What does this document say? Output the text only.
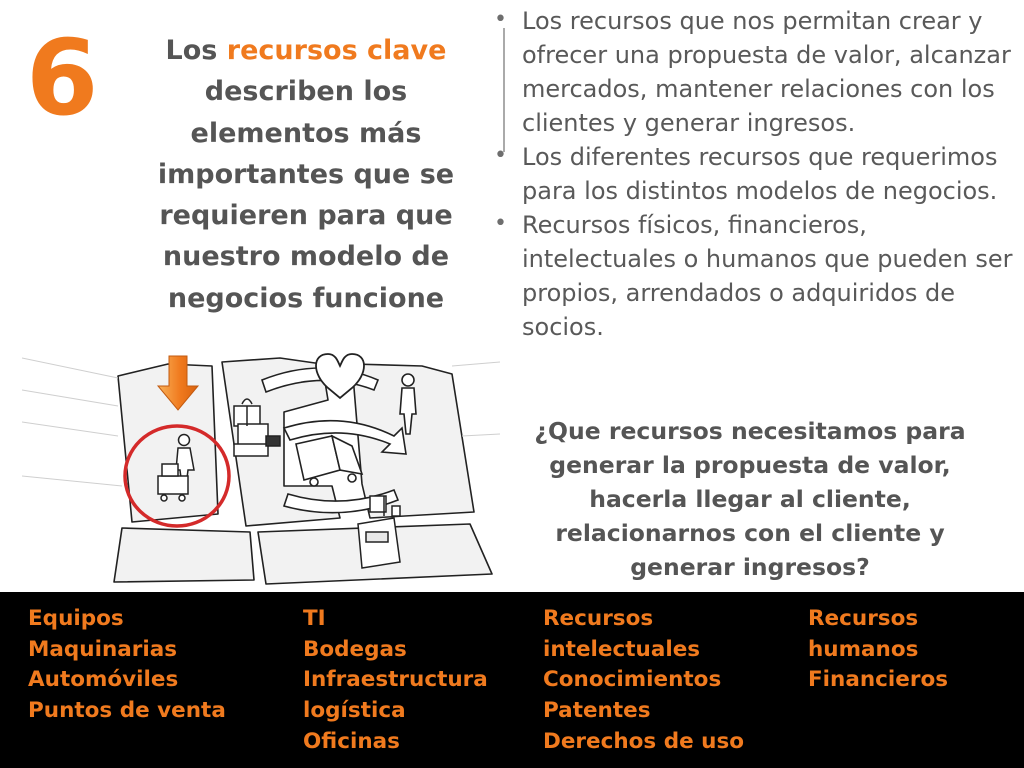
6	Los recursos clave describen los elementos más importantes que se requieren para que nuestro modelo de negocios funcione
• Los recursos que nos permitan crear y ofrecer una propuesta de valor, alcanzar mercados, mantener relaciones con los clientes y generar ingresos.
• Los diferentes recursos que requerimos para los distintos modelos de negocios.
• Recursos físicos, financieros, intelectuales o humanos que pueden ser propios, arrendados o adquiridos de socios.
¿Que recursos necesitamos para generar la propuesta de valor, hacerla llegar al cliente, relacionarnos con el cliente y generar ingresos?
Equipos
Maquinarias
Automóviles
Puntos de venta
TI
Bodegas
Infraestructura
logística
Oficinas
Recursos
intelectuales
Conocimientos
Patentes
Derechos de uso
Recursos
humanos
Financieros
